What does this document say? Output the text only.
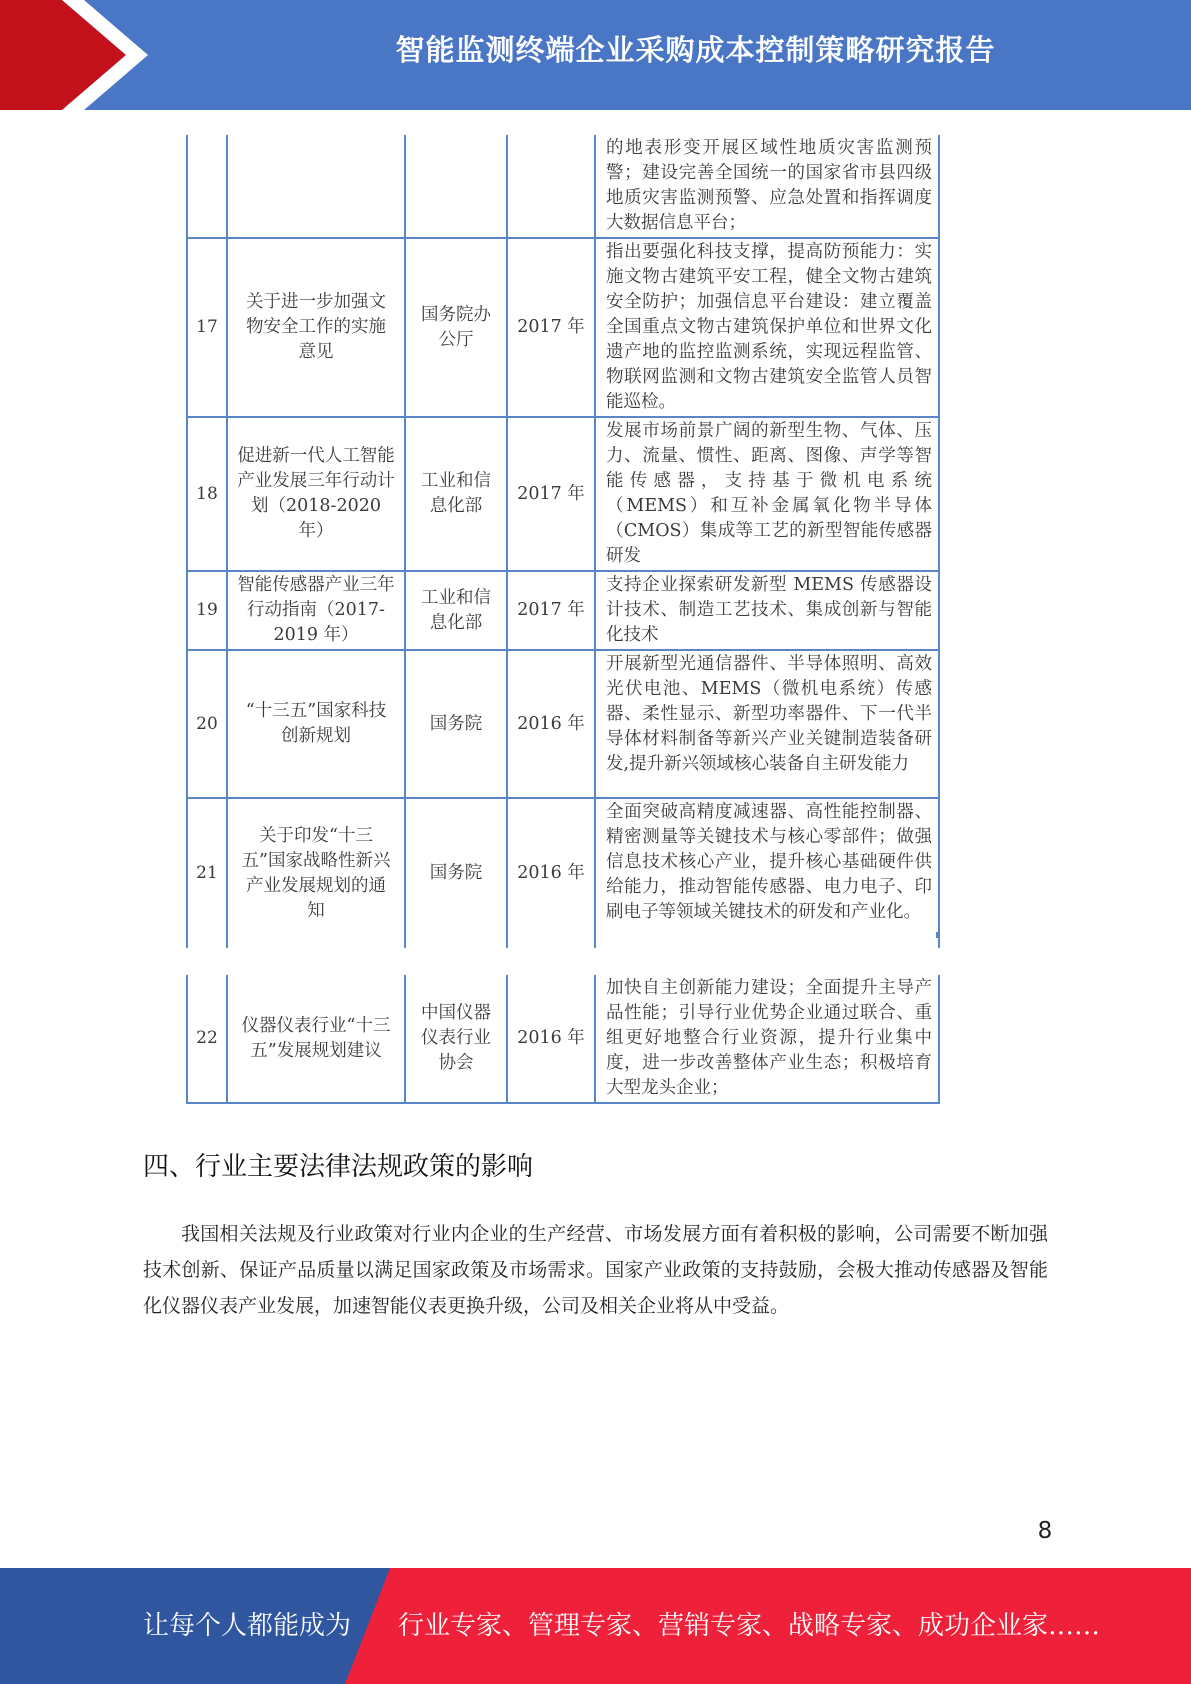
智能监测终端企业采购成本控制策略研究报告
				的地表形变开展区域性地质灾害监测预警；建设完善全国统一的国家省市县四级地质灾害监测预警、应急处置和指挥调度大数据信息平台；
17	关于进一步加强文物安全工作的实施意见	国务院办公厅	2017 年	指出要强化科技支撑，提高防预能力：实施文物古建筑平安工程，健全文物古建筑安全防护；加强信息平台建设：建立覆盖全国重点文物古建筑保护单位和世界文化遗产地的监控监测系统，实现远程监管、物联网监测和文物古建筑安全监管人员智能巡检。
18	促进新一代人工智能产业发展三年行动计划（2018-2020 年）	工业和信息化部	2017 年	发展市场前景广阔的新型生物、气体、压力、流量、惯性、距离、图像、声学等智能传感器，支持基于微机电系统（MEMS）和互补金属氧化物半导体（CMOS）集成等工艺的新型智能传感器研发
19	智能传感器产业三年行动指南（2017-2019 年）	工业和信息化部	2017 年	支持企业探索研发新型 MEMS 传感器设计技术、制造工艺技术、集成创新与智能化技术
20	“十三五”国家科技创新规划	国务院	2016 年	开展新型光通信器件、半导体照明、高效光伏电池、MEMS（微机电系统）传感器、柔性显示、新型功率器件、下一代半导体材料制备等新兴产业关键制造装备研发,提升新兴领域核心装备自主研发能力
21	关于印发“十三五”国家战略性新兴产业发展规划的通知	国务院	2016 年	全面突破高精度减速器、高性能控制器、精密测量等关键技术与核心零部件；做强信息技术核心产业，提升核心基础硬件供给能力，推动智能传感器、电力电子、印刷电子等领域关键技术的研发和产业化。
22	仪器仪表行业“十三五”发展规划建议	中国仪器仪表行业协会	2016 年	加快自主创新能力建设；全面提升主导产品性能；引导行业优势企业通过联合、重组更好地整合行业资源，提升行业集中度，进一步改善整体产业生态；积极培育大型龙头企业；
四、行业主要法律法规政策的影响
我国相关法规及行业政策对行业内企业的生产经营、市场发展方面有着积极的影响，公司需要不断加强技术创新、保证产品质量以满足国家政策及市场需求。国家产业政策的支持鼓励，会极大推动传感器及智能化仪器仪表产业发展，加速智能仪表更换升级，公司及相关企业将从中受益。
8
让每个人都能成为 行业专家、管理专家、营销专家、战略专家、成功企业家……
